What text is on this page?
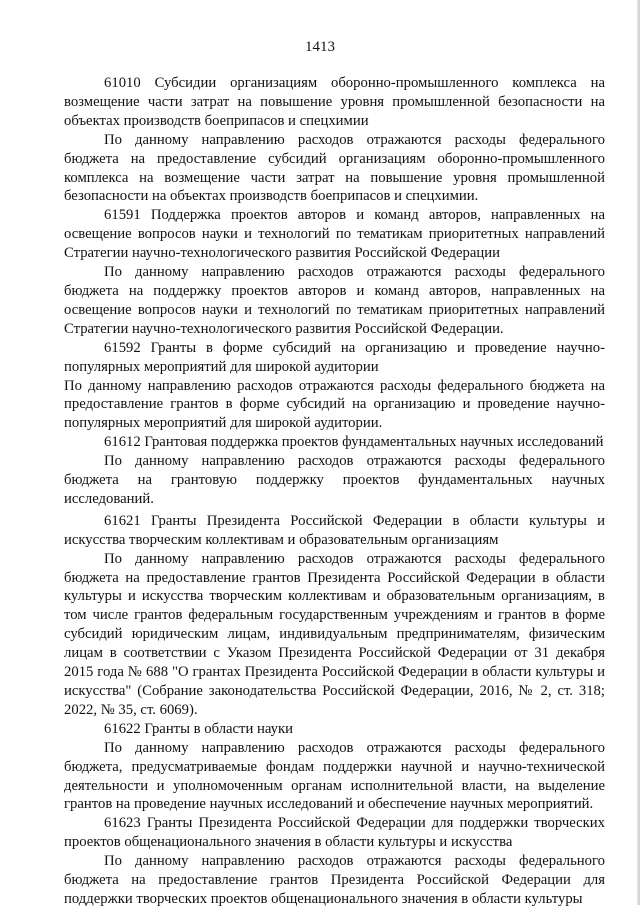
1413

61010 Субсидии организациям оборонно-промышленного комплекса на возмещение части затрат на повышение уровня промышленной безопасности на объектах производств боеприпасов и спецхимии

По данному направлению расходов отражаются расходы федерального бюджета на предоставление субсидий организациям оборонно-промышленного комплекса на возмещение части затрат на повышение уровня промышленной безопасности на объектах производств боеприпасов и спецхимии.

61591 Поддержка проектов авторов и команд авторов, направленных на освещение вопросов науки и технологий по тематикам приоритетных направлений Стратегии научно-технологического развития Российской Федерации

По данному направлению расходов отражаются расходы федерального бюджета на поддержку проектов авторов и команд авторов, направленных на освещение вопросов науки и технологий по тематикам приоритетных направлений Стратегии научно-технологического развития Российской Федерации.

61592 Гранты в форме субсидий на организацию и проведение научно-популярных мероприятий для широкой аудитории

По данному направлению расходов отражаются расходы федерального бюджета на предоставление грантов в форме субсидий на организацию и проведение научно-популярных мероприятий для широкой аудитории.

61612 Грантовая поддержка проектов фундаментальных научных исследований

По данному направлению расходов отражаются расходы федерального бюджета на грантовую поддержку проектов фундаментальных научных исследований.

61621 Гранты Президента Российской Федерации в области культуры и искусства творческим коллективам и образовательным организациям

По данному направлению расходов отражаются расходы федерального бюджета на предоставление грантов Президента Российской Федерации в области культуры и искусства творческим коллективам и образовательным организациям, в том числе грантов федеральным государственным учреждениям и грантов в форме субсидий юридическим лицам, индивидуальным предпринимателям, физическим лицам в соответствии с Указом Президента Российской Федерации от 31 декабря 2015 года № 688 "О грантах Президента Российской Федерации в области культуры и искусства" (Собрание законодательства Российской Федерации, 2016, № 2, ст. 318; 2022, № 35, ст. 6069).

61622 Гранты в области науки

По данному направлению расходов отражаются расходы федерального бюджета, предусматриваемые фондам поддержки научной и научно-технической деятельности и уполномоченным органам исполнительной власти, на выделение грантов на проведение научных исследований и обеспечение научных мероприятий.

61623 Гранты Президента Российской Федерации для поддержки творческих проектов общенационального значения в области культуры и искусства

По данному направлению расходов отражаются расходы федерального бюджета на предоставление грантов Президента Российской Федерации для поддержки творческих проектов общенационального значения в области культуры
